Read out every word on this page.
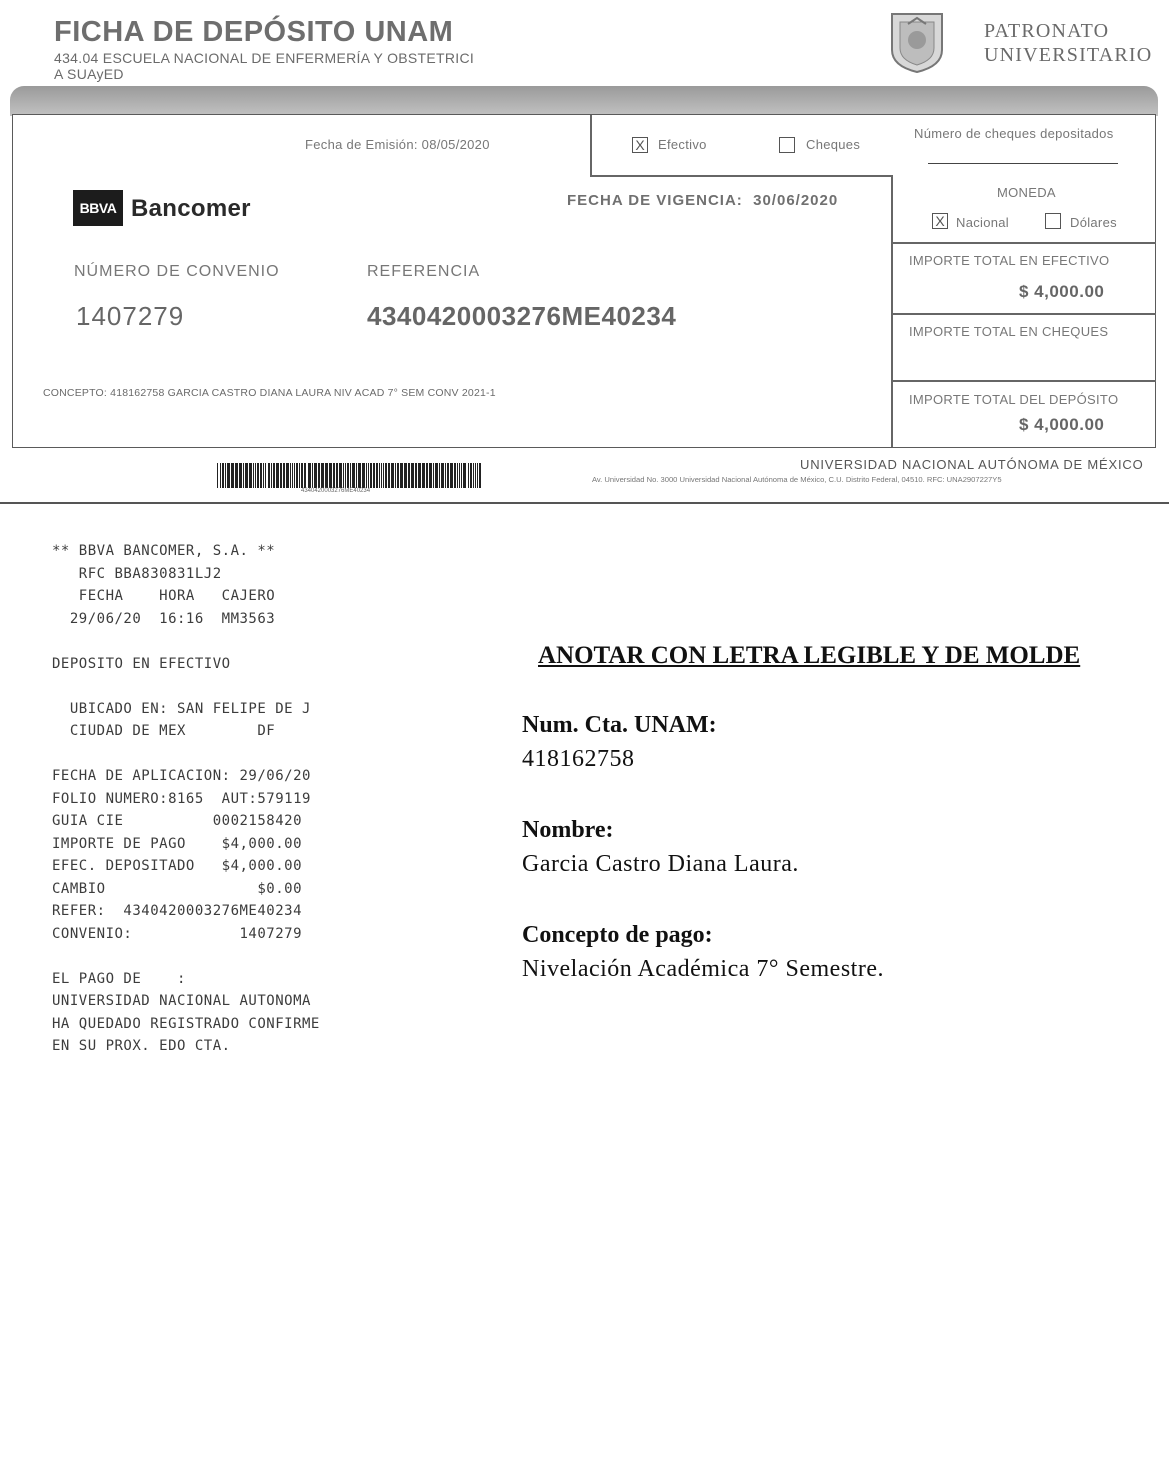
FICHA DE DEPÓSITO UNAM
434.04 ESCUELA NACIONAL DE ENFERMERÍA Y OBSTETRICI
A SUAyED
PATRONATO
UNIVERSITARIO
Fecha de Emisión: 08/05/2020	X Efectivo	Cheques
Número de cheques depositados
FECHA DE VIGENCIA:  30/06/2020	MONEDA
X Nacional	Dólares
NÚMERO DE CONVENIO
1407279
REFERENCIA
4340420003276ME40234
IMPORTE TOTAL EN EFECTIVO
$ 4,000.00
IMPORTE TOTAL EN CHEQUES
IMPORTE TOTAL DEL DEPÓSITO
$ 4,000.00
CONCEPTO: 418162758 GARCIA CASTRO DIANA LAURA NIV ACAD 7° SEM CONV 2021-1
BBVA Bancomer
4340420003276ME40234
UNIVERSIDAD NACIONAL AUTÓNOMA DE MÉXICO
Av. Universidad No. 3000 Universidad Nacional Autónoma de México, C.U. Distrito Federal, 04510. RFC: UNA2907227Y5
** BBVA BANCOMER, S.A. **
RFC BBA830831LJ2
FECHA    HORA   CAJERO
29/06/20  16:16  MM3563

DEPOSITO EN EFECTIVO

UBICADO EN: SAN FELIPE DE J
CIUDAD DE MEX        DF

FECHA DE APLICACION: 29/06/20
FOLIO NUMERO:8165  AUT:579119
GUIA CIE          0002158420
IMPORTE DE PAGO    $4,000.00
EFEC. DEPOSITADO   $4,000.00
CAMBIO                 $0.00
REFER:  4340420003276ME40234
CONVENIO:            1407279

EL PAGO DE    :
UNIVERSIDAD NACIONAL AUTONOMA
HA QUEDADO REGISTRADO CONFIRME
EN SU PROX. EDO CTA.
ANOTAR CON LETRA LEGIBLE Y DE MOLDE
Num. Cta. UNAM:
418162758
Nombre:
Garcia Castro Diana Laura.
Concepto de pago:
Nivelación Académica 7° Semestre.
